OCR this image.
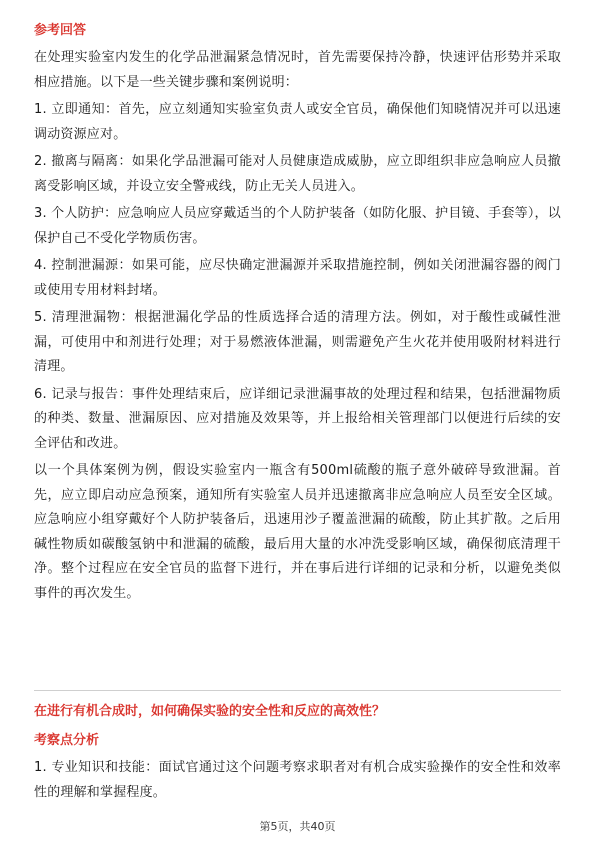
参考回答

在处理实验室内发生的化学品泄漏紧急情况时，首先需要保持冷静，快速评估形势并采取相应措施。以下是一些关键步骤和案例说明：

1. 立即通知：首先，应立刻通知实验室负责人或安全官员，确保他们知晓情况并可以迅速调动资源应对。

2. 撤离与隔离：如果化学品泄漏可能对人员健康造成威胁，应立即组织非应急响应人员撤离受影响区域，并设立安全警戒线，防止无关人员进入。

3. 个人防护：应急响应人员应穿戴适当的个人防护装备（如防化服、护目镜、手套等），以保护自己不受化学物质伤害。

4. 控制泄漏源：如果可能，应尽快确定泄漏源并采取措施控制，例如关闭泄漏容器的阀门或使用专用材料封堵。

5. 清理泄漏物：根据泄漏化学品的性质选择合适的清理方法。例如，对于酸性或碱性泄漏，可使用中和剂进行处理；对于易燃液体泄漏，则需避免产生火花并使用吸附材料进行清理。

6. 记录与报告：事件处理结束后，应详细记录泄漏事故的处理过程和结果，包括泄漏物质的种类、数量、泄漏原因、应对措施及效果等，并上报给相关管理部门以便进行后续的安全评估和改进。

以一个具体案例为例，假设实验室内一瓶含有500ml硫酸的瓶子意外破碎导致泄漏。首先，应立即启动应急预案，通知所有实验室人员并迅速撤离非应急响应人员至安全区域。应急响应小组穿戴好个人防护装备后，迅速用沙子覆盖泄漏的硫酸，防止其扩散。之后用碱性物质如碳酸氢钠中和泄漏的硫酸，最后用大量的水冲洗受影响区域，确保彻底清理干净。整个过程应在安全官员的监督下进行，并在事后进行详细的记录和分析，以避免类似事件的再次发生。

在进行有机合成时，如何确保实验的安全性和反应的高效性？
考察点分析

1. 专业知识和技能：面试官通过这个问题考察求职者对有机合成实验操作的安全性和效率性的理解和掌握程度。

第5页，共40页
